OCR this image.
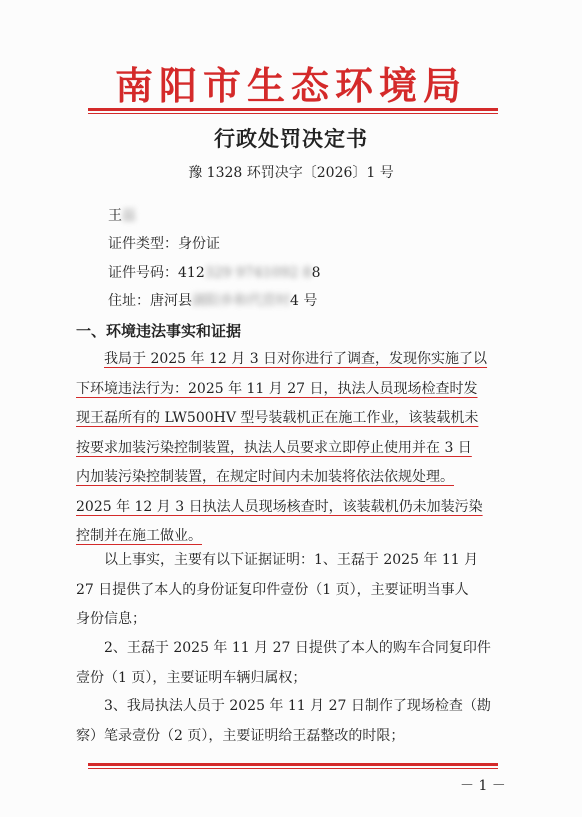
南阳市生态环境局
行政处罚决定书
豫 1328 环罚决字〔2026〕1 号
王磊
证件类型：身份证
证件号码：412329 9741092 88
住址：唐河县湖阳乡和代营村4 号
一、环境违法事实和证据
我局于 2025 年 12 月 3 日对你进行了调查，发现你实施了以
下环境违法行为：2025 年 11 月 27 日，执法人员现场检查时发
现王磊所有的 LW500HV 型号装载机正在施工作业，该装载机未
按要求加装污染控制装置，执法人员要求立即停止使用并在 3 日
内加装污染控制装置，在规定时间内未加装将依法依规处理。
2025 年 12 月 3 日执法人员现场核查时，该装载机仍未加装污染
控制并在施工做业。
以上事实，主要有以下证据证明：1、王磊于 2025 年 11 月
27 日提供了本人的身份证复印件壹份（1 页），主要证明当事人
身份信息；
2、王磊于 2025 年 11 月 27 日提供了本人的购车合同复印件
壹份（1 页），主要证明车辆归属权；
3、我局执法人员于 2025 年 11 月 27 日制作了现场检查（勘
察）笔录壹份（2 页），主要证明给王磊整改的时限；
－ 1 －
